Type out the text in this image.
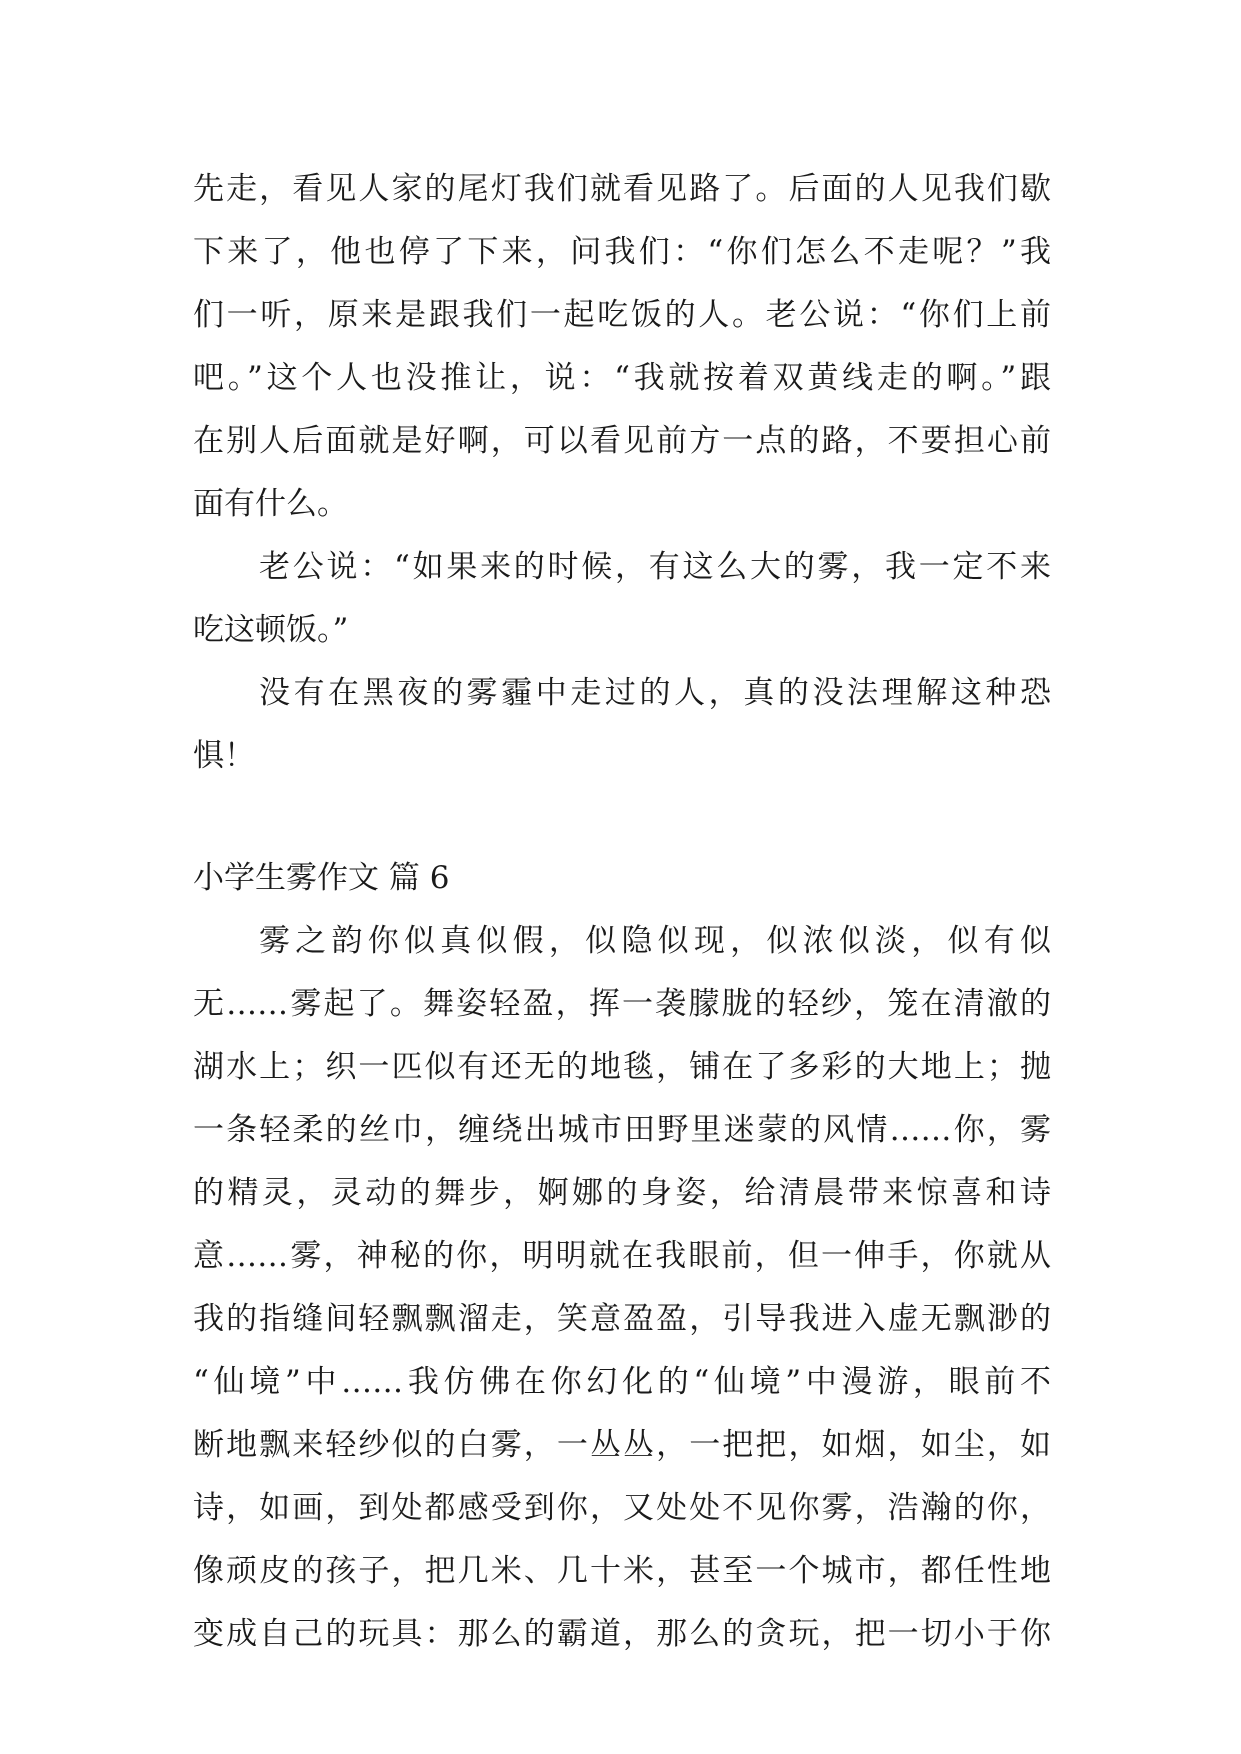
先走，看见人家的尾灯我们就看见路了。后面的人见我们歇
下来了，他也停了下来，问我们：“你们怎么不走呢？”我
们一听，原来是跟我们一起吃饭的人。老公说：“你们上前
吧。”这个人也没推让，说：“我就按着双黄线走的啊。”跟
在别人后面就是好啊，可以看见前方一点的路，不要担心前
面有什么。
老公说：“如果来的时候，有这么大的雾，我一定不来
吃这顿饭。”
没有在黑夜的雾霾中走过的人，真的没法理解这种恐
惧！
小学生雾作文 篇 6
雾之韵你似真似假，似隐似现，似浓似淡，似有似
无……雾起了。舞姿轻盈，挥一袭朦胧的轻纱，笼在清澈的
湖水上；织一匹似有还无的地毯，铺在了多彩的大地上；抛
一条轻柔的丝巾，缠绕出城市田野里迷蒙的风情……你，雾
的精灵，灵动的舞步，婀娜的身姿，给清晨带来惊喜和诗
意……雾，神秘的你，明明就在我眼前，但一伸手，你就从
我的指缝间轻飘飘溜走，笑意盈盈，引导我进入虚无飘渺的
“仙境”中……我仿佛在你幻化的“仙境”中漫游，眼前不
断地飘来轻纱似的白雾，一丛丛，一把把，如烟，如尘，如
诗，如画，到处都感受到你，又处处不见你雾，浩瀚的你，
像顽皮的孩子，把几米、几十米，甚至一个城市，都任性地
变成自己的玩具：那么的霸道，那么的贪玩，把一切小于你
